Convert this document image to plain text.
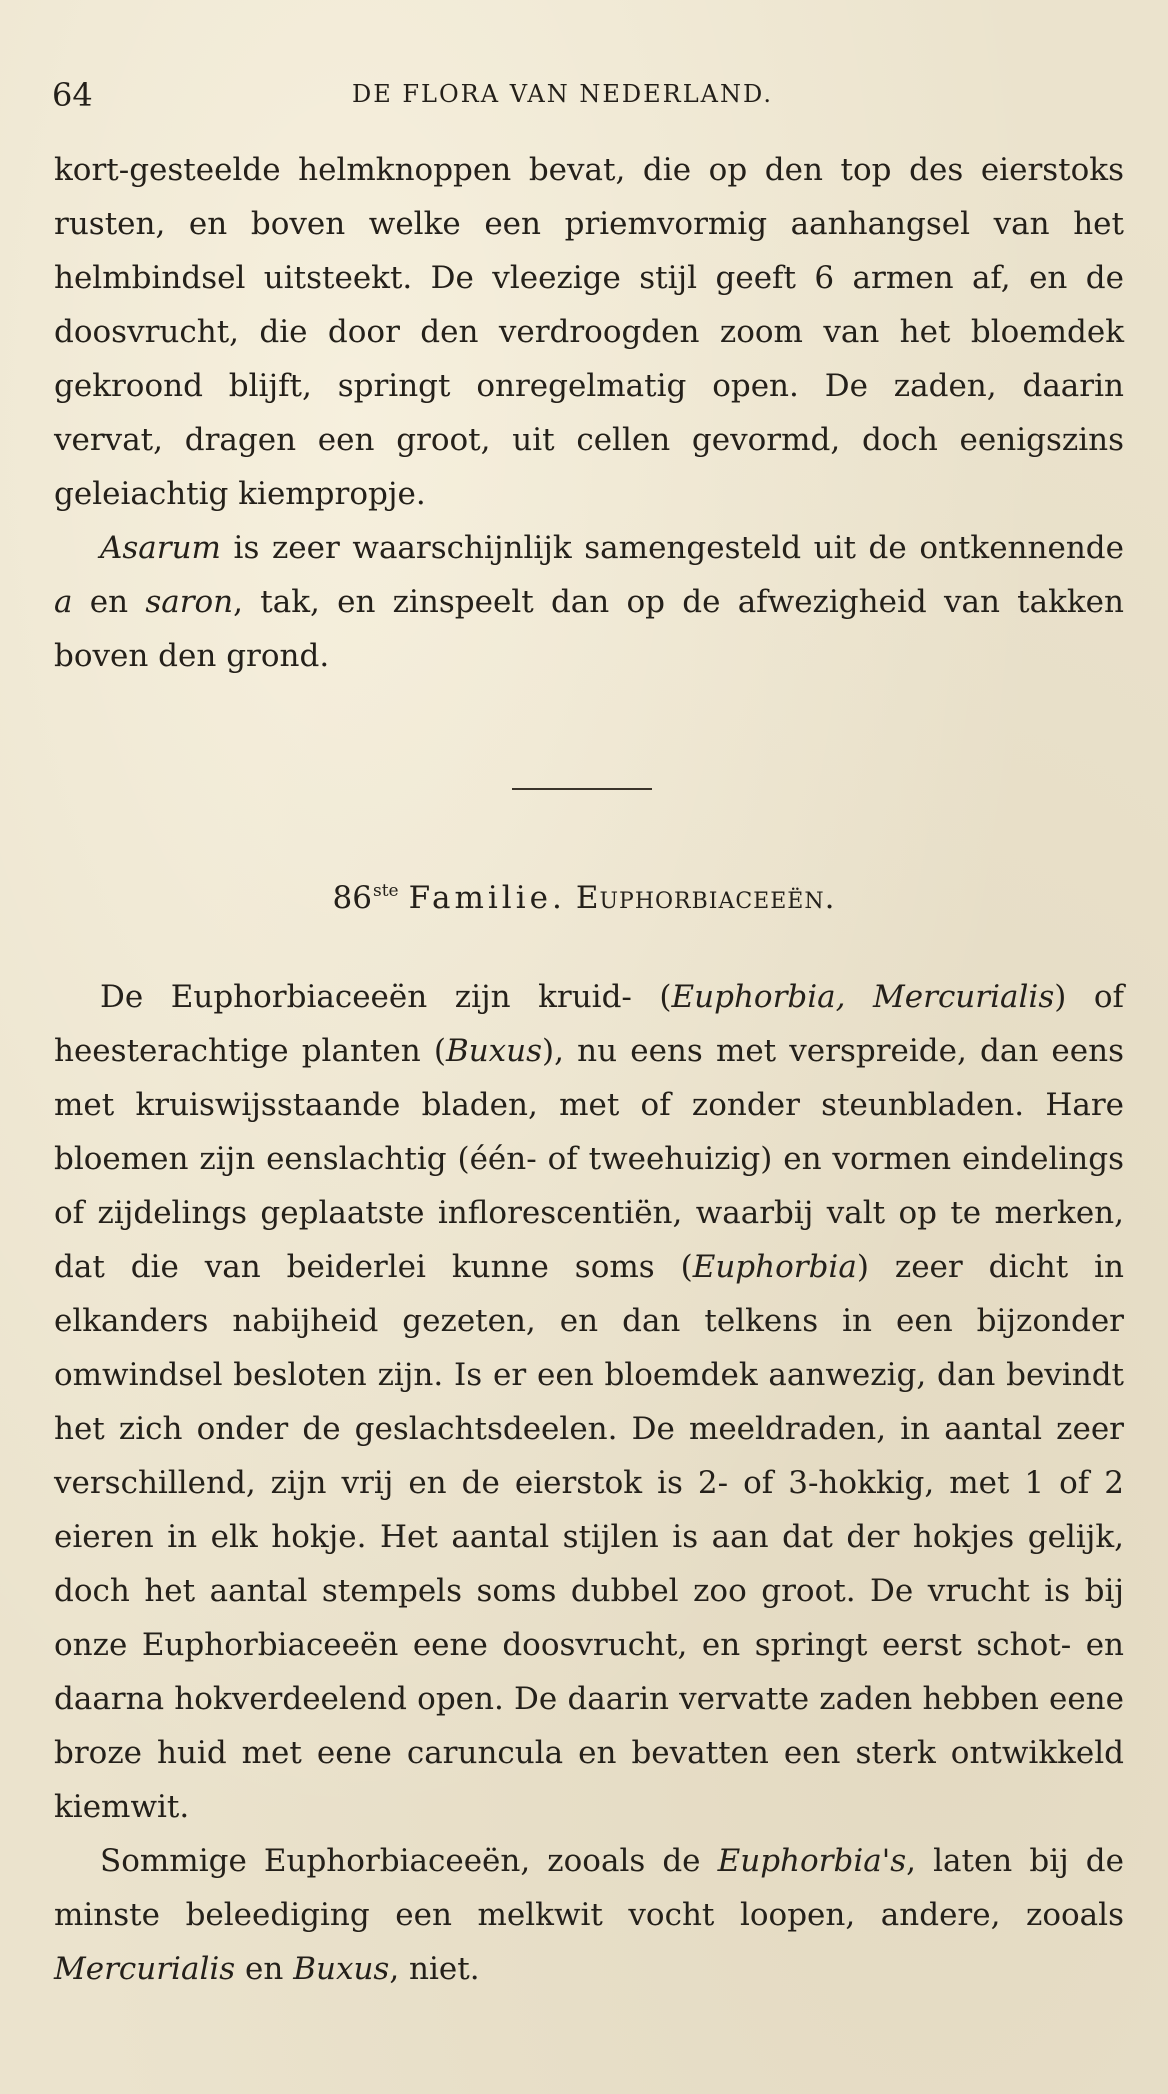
64	DE FLORA VAN NEDERLAND.

kort-gesteelde helmknoppen bevat, die op den top des eierstoks rusten, en boven welke een priemvormig aanhangsel van het helmbindsel uitsteekt. De vleezige stijl geeft 6 armen af, en de doosvrucht, die door den verdroogden zoom van het bloemdek gekroond blijft, springt onregelmatig open. De zaden, daarin vervat, dragen een groot, uit cellen gevormd, doch eenigszins geleiachtig kiempropje.

Asarum is zeer waarschijnlijk samengesteld uit de ontkennende a en saron, tak, en zinspeelt dan op de afwezigheid van takken boven den grond.

86ste Familie. Euphorbiaceeën.

De Euphorbiaceeën zijn kruid- (Euphorbia, Mercurialis) of heesterachtige planten (Buxus), nu eens met verspreide, dan eens met kruiswijsstaande bladen, met of zonder steunbladen. Hare bloemen zijn eenslachtig (één- of tweehuizig) en vormen eindelings of zijdelings geplaatste inflorescentiën, waarbij valt op te merken, dat die van beiderlei kunne soms (Euphorbia) zeer dicht in elkanders nabijheid gezeten, en dan telkens in een bijzonder omwindsel besloten zijn. Is er een bloemdek aanwezig, dan bevindt het zich onder de geslachtsdeelen. De meeldraden, in aantal zeer verschillend, zijn vrij en de eierstok is 2- of 3-hokkig, met 1 of 2 eieren in elk hokje. Het aantal stijlen is aan dat der hokjes gelijk, doch het aantal stempels soms dubbel zoo groot. De vrucht is bij onze Euphorbiaceeën eene doosvrucht, en springt eerst schot- en daarna hokverdeelend open. De daarin vervatte zaden hebben eene broze huid met eene caruncula en bevatten een sterk ontwikkeld kiemwit.

Sommige Euphorbiaceeën, zooals de Euphorbia's, laten bij de minste beleediging een melkwit vocht loopen, andere, zooals Mercurialis en Buxus, niet.
